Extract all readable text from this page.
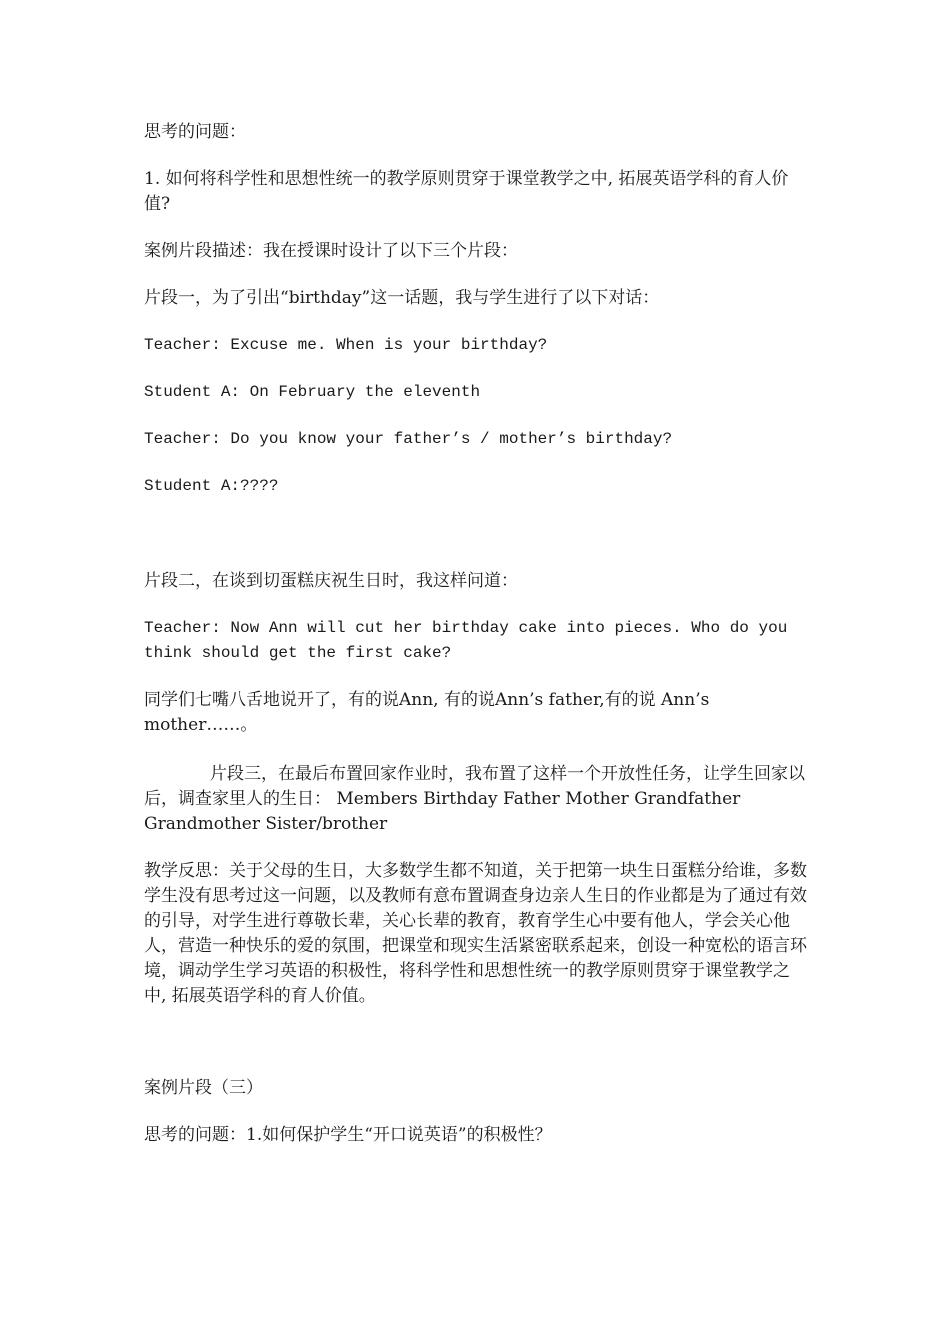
思考的问题：

1. 如何将科学性和思想性统一的教学原则贯穿于课堂教学之中, 拓展英语学科的育人价值?

案例片段描述：我在授课时设计了以下三个片段：

片段一，为了引出“birthday”这一话题，我与学生进行了以下对话：

Teacher: Excuse me. When is your birthday?

Student A: On February the eleventh

Teacher: Do you know your father’s / mother’s birthday?

Student A:????

片段二，在谈到切蛋糕庆祝生日时，我这样问道：

Teacher: Now Ann will cut her birthday cake into pieces. Who do you think should get the first cake?

同学们七嘴八舌地说开了，有的说Ann, 有的说Ann’s father,有的说 Ann’s mother……。

片段三，在最后布置回家作业时，我布置了这样一个开放性任务，让学生回家以后，调查家里人的生日： Members Birthday Father Mother Grandfather Grandmother Sister/brother

教学反思：关于父母的生日，大多数学生都不知道，关于把第一块生日蛋糕分给谁，多数学生没有思考过这一问题，以及教师有意布置调查身边亲人生日的作业都是为了通过有效的引导，对学生进行尊敬长辈，关心长辈的教育，教育学生心中要有他人，学会关心他人，营造一种快乐的爱的氛围，把课堂和现实生活紧密联系起来，创设一种宽松的语言环境，调动学生学习英语的积极性，将科学性和思想性统一的教学原则贯穿于课堂教学之中, 拓展英语学科的育人价值。

案例片段（三）

思考的问题：1.如何保护学生“开口说英语”的积极性？
